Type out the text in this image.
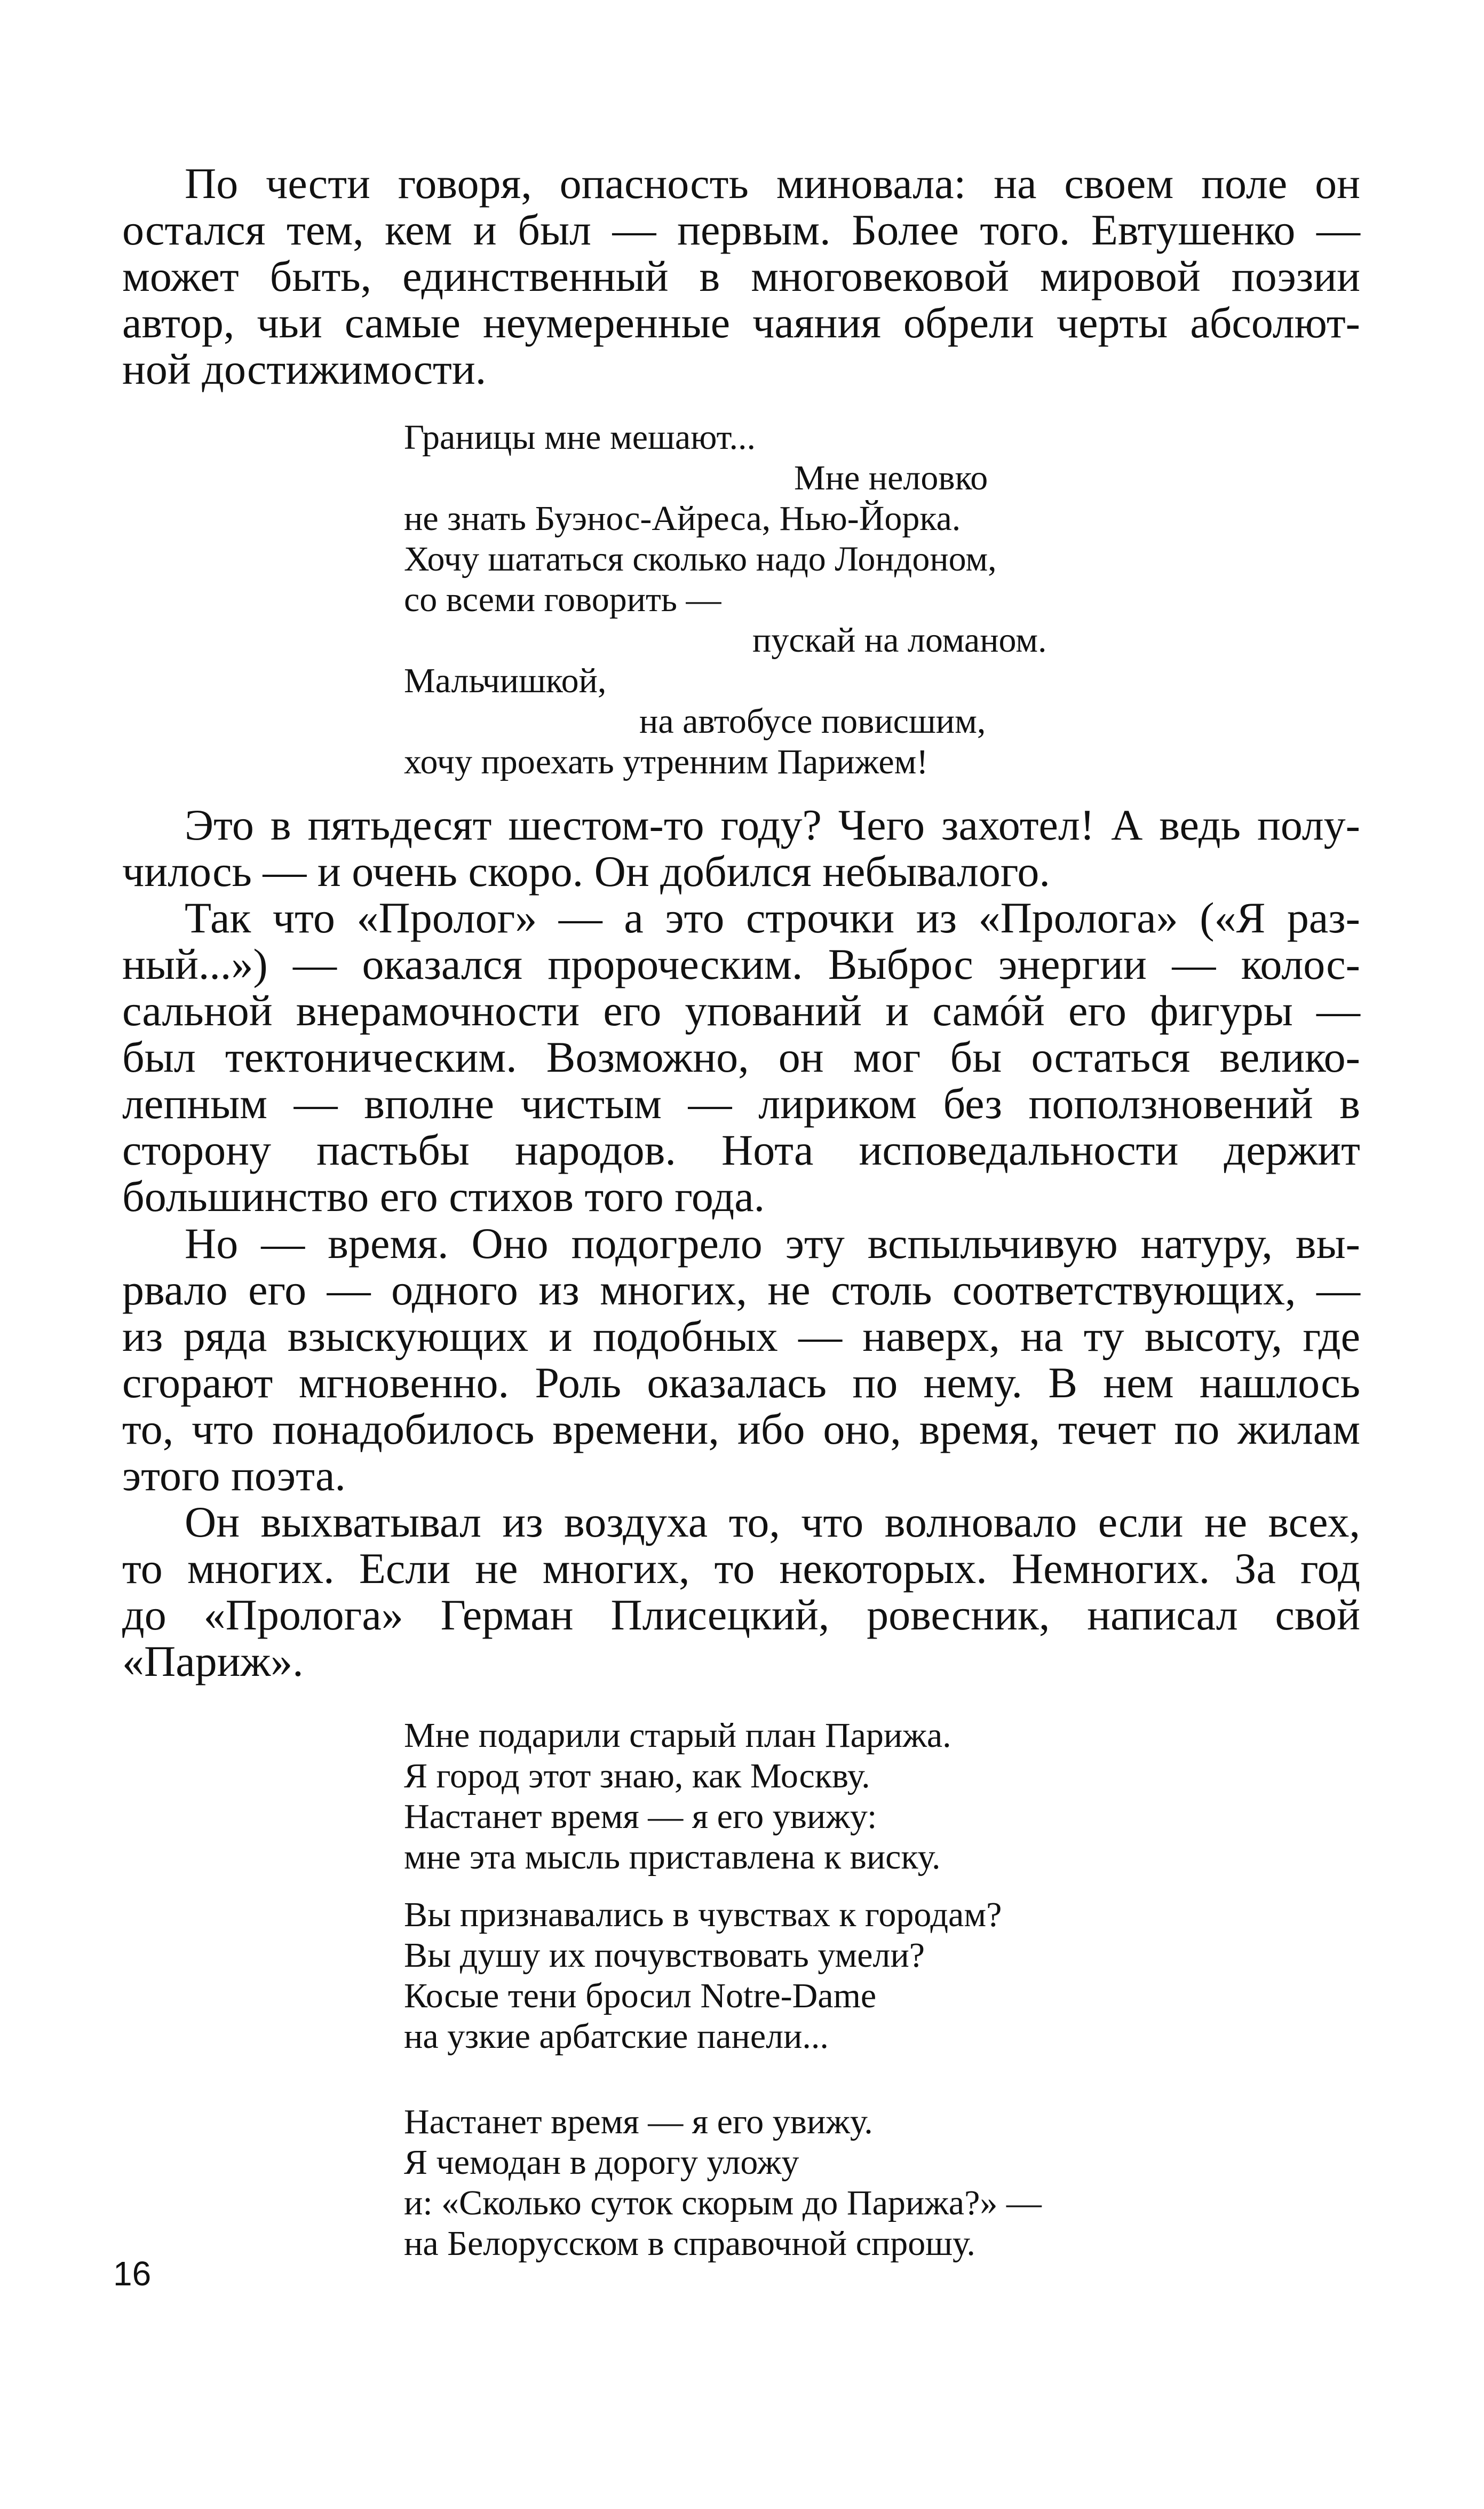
По чести говоря, опасность миновала: на своем поле он
остался тем, кем и был — первым. Более того. Евтушенко —
может быть, единственный в многовековой мировой поэзии
автор, чьи самые неумеренные чаяния обрели черты абсолют-
ной достижимости.

Границы мне мешают...
Мне неловко
не знать Буэнос-Айреса, Нью-Йорка.
Хочу шататься сколько надо Лондоном,
со всеми говорить —
пускай на ломаном.
Мальчишкой,
на автобусе повисшим,
хочу проехать утренним Парижем!

Это в пятьдесят шестом-то году? Чего захотел! А ведь полу-
чилось — и очень скоро. Он добился небывалого.

Так что «Пролог» — а это строчки из «Пролога» («Я раз-
ный...») — оказался пророческим. Выброс энергии — колос-
сальной внерамочности его упований и самóй его фигуры —
был тектоническим. Возможно, он мог бы остаться велико-
лепным — вполне чистым — лириком без поползновений в
сторону пастьбы народов. Нота исповедальности держит
большинство его стихов того года.

Но — время. Оно подогрело эту вспыльчивую натуру, вы-
рвало его — одного из многих, не столь соответствующих, —
из ряда взыскующих и подобных — наверх, на ту высоту, где
сгорают мгновенно. Роль оказалась по нему. В нем нашлось
то, что понадобилось времени, ибо оно, время, течет по жилам
этого поэта.

Он выхватывал из воздуха то, что волновало если не всех,
то многих. Если не многих, то некоторых. Немногих. За год
до «Пролога» Герман Плисецкий, ровесник, написал свой
«Париж».

Мне подарили старый план Парижа.
Я город этот знаю, как Москву.
Настанет время — я его увижу:
мне эта мысль приставлена к виску.
Вы признавались в чувствах к городам?
Вы душу их почувствовать умели?
Косые тени бросил Notre-Dame
на узкие арбатские панели...
Настанет время — я его увижу.
Я чемодан в дорогу уложу
и: «Сколько суток скорым до Парижа?» —
на Белорусском в справочной спрошу.

16
